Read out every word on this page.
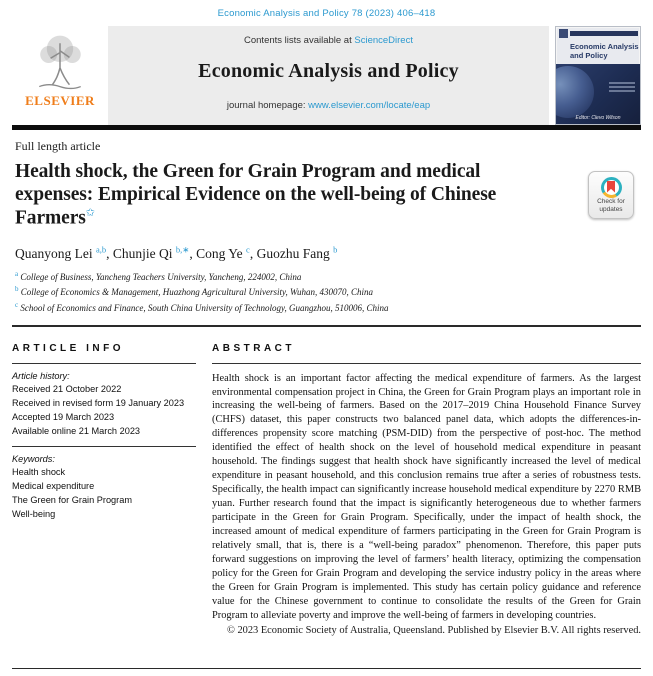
Economic Analysis and Policy 78 (2023) 406–418
ELSEVIER
Contents lists available at ScienceDirect
Economic Analysis and Policy
journal homepage: www.elsevier.com/locate/eap
Economic Analysis and Policy
Editor: Clevo Wilson
Full length article
Health shock, the Green for Grain Program and medical expenses: Empirical Evidence on the well-being of Chinese Farmers✩
Check for
updates
Quanyong Lei $^{a,b}$, Chunjie Qi $^{b,∗}$, Cong Ye $^c$, Guozhu Fang $^b$
$^a$ College of Business, Yancheng Teachers University, Yancheng, 224002, China
$^b$ College of Economics & Management, Huazhong Agricultural University, Wuhan, 430070, China
$^c$ School of Economics and Finance, South China University of Technology, Guangzhou, 510006, China
ARTICLE INFO
Article history:
Received 21 October 2022
Received in revised form 19 January 2023
Accepted 19 March 2023
Available online 21 March 2023
Keywords:
Health shock
Medical expenditure
The Green for Grain Program
Well-being
ABSTRACT
Health shock is an important factor affecting the medical expenditure of farmers. As the largest environmental compensation project in China, the Green for Grain Program plays an important role in increasing the well-being of farmers. Based on the 2017–2019 China Household Finance Survey (CHFS) dataset, this paper constructs two balanced panel data, which adopts the differences-in-differences propensity score matching (PSM-DID) from the perspective of post-hoc. The method identified the effect of health shock on the level of household medical expenditure in peasant household. The findings suggest that health shock have significantly increased the level of medical expenditure in peasant household, and this conclusion remains true after a series of robustness tests. Specifically, the health impact can significantly increase household medical expenditure by 2270 RMB yuan. Further research found that the impact is significantly heterogeneous due to whether farmers participate in the Green for Grain Program. Specifically, under the impact of health shock, the increased amount of medical expenditure of farmers participating in the Green for Grain Program is relatively small, that is, there is a “well-being paradox” phenomenon. Therefore, this paper puts forward suggestions on improving the level of farmers’ health literacy, optimizing the compensation policy for the Green for Grain Program and developing the service industry policy in the areas where the Green for Grain Program is implemented. This study has certain policy guidance and reference value for the Chinese government to continue to consolidate the results of the Green for Grain Program to alleviate poverty and improve the well-being of farmers in developing countries.
© 2023 Economic Society of Australia, Queensland. Published by Elsevier B.V. All rights reserved.
